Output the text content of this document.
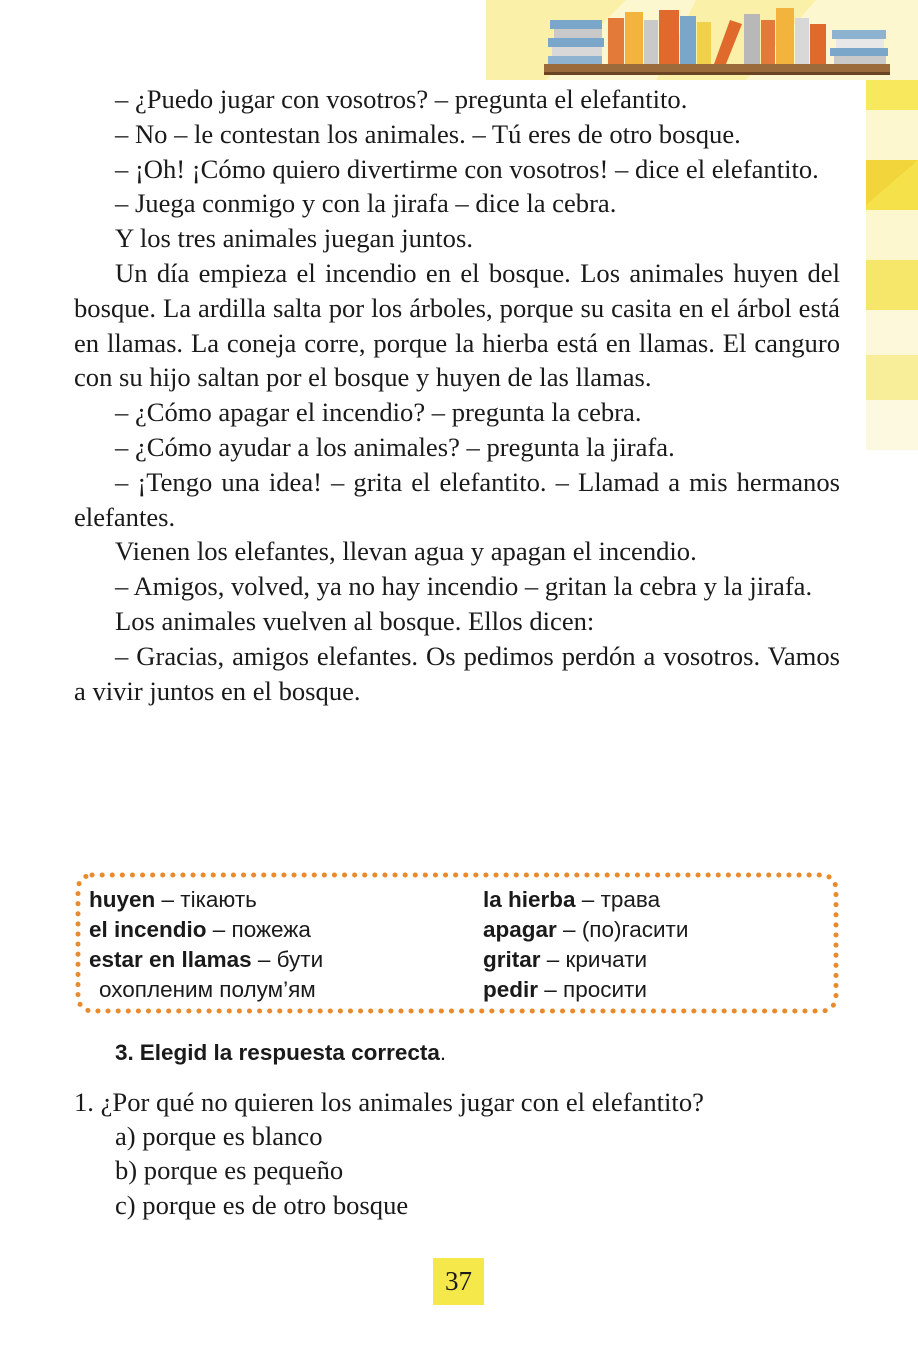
– ¿Puedo jugar con vosotros? – pregunta el elefantito.

– No – le contestan los animales. – Tú eres de otro bosque.

– ¡Oh! ¡Cómo quiero divertirme con vosotros! – dice el elefantito.

– Juega conmigo y con la jirafa – dice la cebra.

Y los tres animales juegan juntos.

Un día empieza el incendio en el bosque. Los animales huyen del bosque. La ardilla salta por los árboles, porque su casita en el árbol está en llamas. La coneja corre, porque la hierba está en llamas. El canguro con su hijo saltan por el bosque y huyen de las llamas.

– ¿Cómo apagar el incendio? – pregunta la cebra.

– ¿Cómo ayudar a los animales? – pregunta la jirafa.

– ¡Tengo una idea! – grita el elefantito. – Llamad a mis hermanos elefantes.

Vienen los elefantes, llevan agua y apagan el incendio.

– Amigos, volved, ya no hay incendio – gritan la cebra y la jirafa.

Los animales vuelven al bosque. Ellos dicen:

– Gracias, amigos elefantes. Os pedimos perdón a vosotros. Vamos a vivir juntos en el bosque.

huyen – тікають
el incendio – пожежа
estar en llamas – бути
охопленим полум’ям
la hierba – трава
apagar – (по)гасити
gritar – кричати
pedir – просити
3. Elegid la respuesta correcta.
1. ¿Por qué no quieren los animales jugar con el elefantito?
a) porque es blanco
b) porque es pequeño
c) porque es de otro bosque
37
